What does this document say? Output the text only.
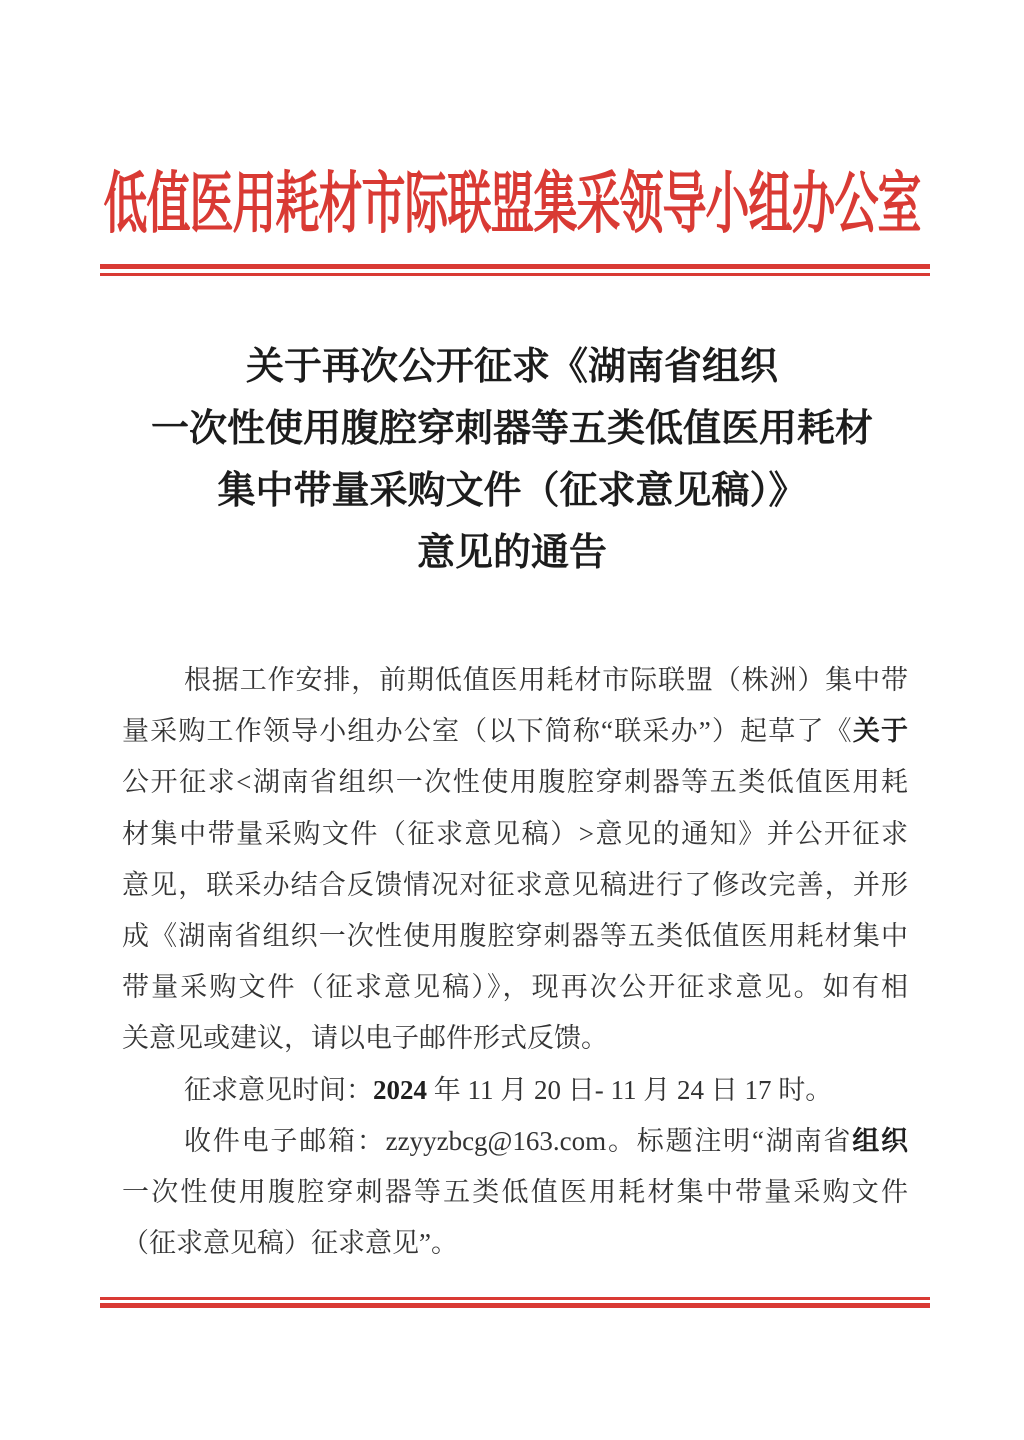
低值医用耗材市际联盟集采领导小组办公室
关于再次公开征求《湖南省组织
一次性使用腹腔穿刺器等五类低值医用耗材
集中带量采购文件（征求意见稿）》
意见的通告
根据工作安排，前期低值医用耗材市际联盟（株洲）集中带
量采购工作领导小组办公室（以下简称“联采办”）起草了《关于
公开征求<湖南省组织一次性使用腹腔穿刺器等五类低值医用耗
材集中带量采购文件（征求意见稿）>意见的通知》并公开征求
意见，联采办结合反馈情况对征求意见稿进行了修改完善，并形
成《湖南省组织一次性使用腹腔穿刺器等五类低值医用耗材集中
带量采购文件（征求意见稿）》，现再次公开征求意见。如有相
关意见或建议，请以电子邮件形式反馈。
征求意见时间：2024 年 11 月 20 日- 11 月 24 日 17 时。
收件电子邮箱：zzyyzbcg@163.com。标题注明“湖南省组织
一次性使用腹腔穿刺器等五类低值医用耗材集中带量采购文件
（征求意见稿）征求意见”。
